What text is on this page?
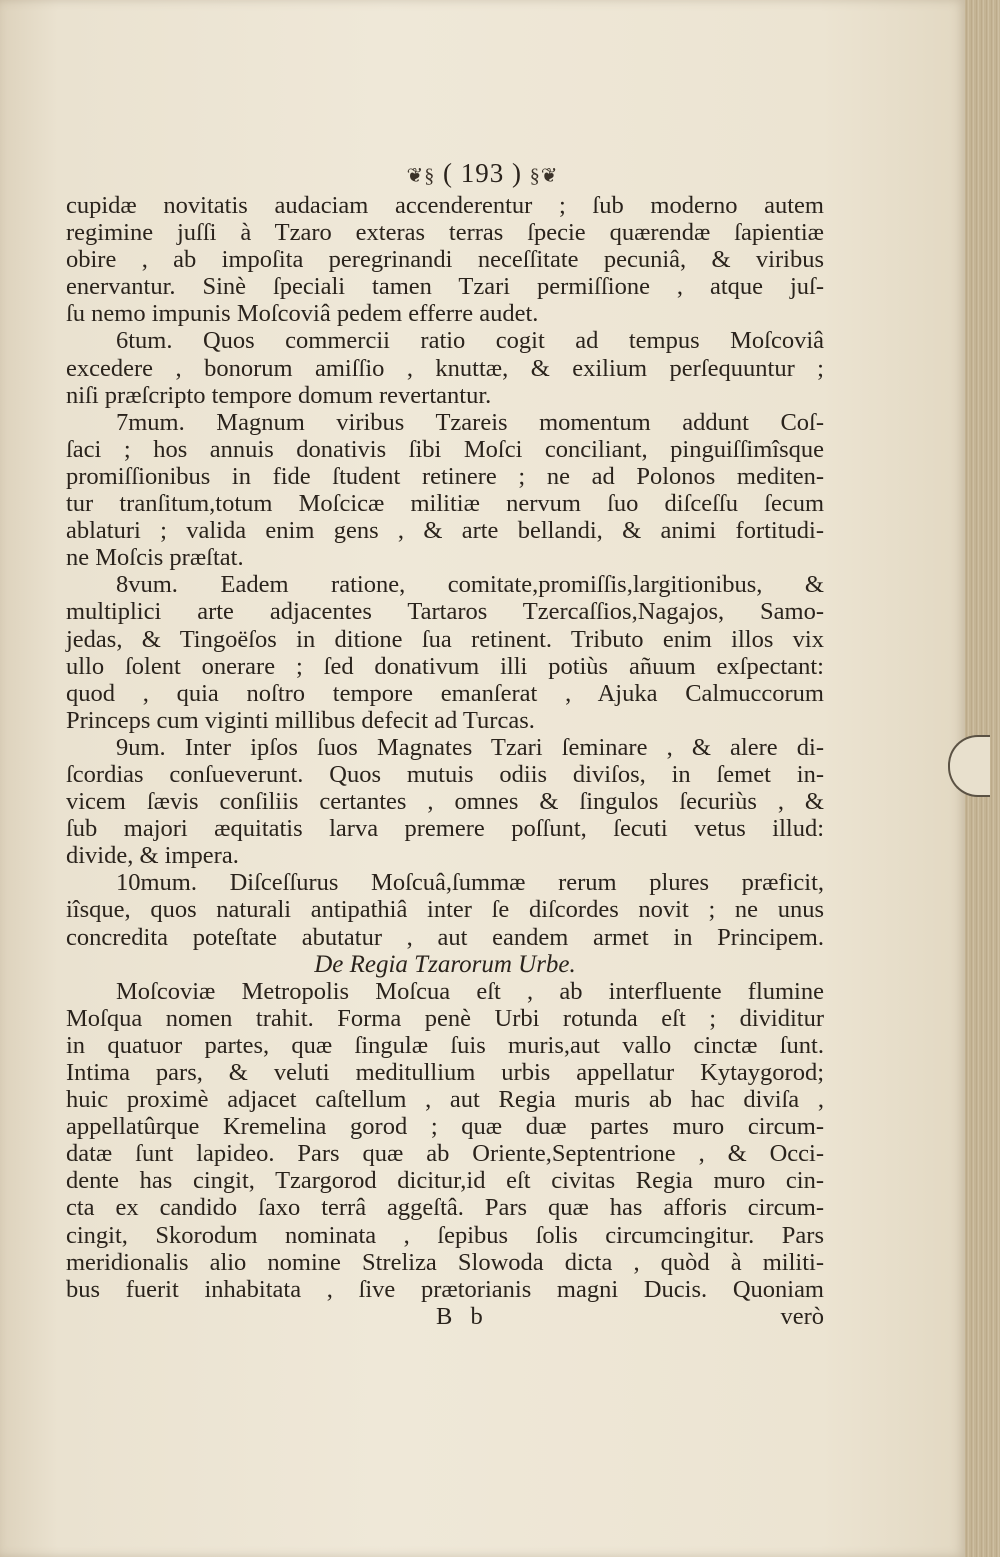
❦§ ( 193 ) §❦
cupidæ novitatis audaciam accenderentur ; ſub moderno autem
regimine juſſi à Tzaro exteras terras ſpecie quærendæ ſapientiæ
obire , ab impoſita peregrinandi neceſſitate pecuniâ, & viribus
enervantur. Sinè ſpeciali tamen Tzari permiſſione , atque juſ-
ſu nemo impunis Moſcoviâ pedem efferre audet.
6tum. Quos commercii ratio cogit ad tempus Moſcoviâ
excedere , bonorum amiſſio , knuttæ, & exilium perſequuntur ;
niſi præſcripto tempore domum revertantur.
7mum. Magnum viribus Tzareis momentum addunt Coſ-
ſaci ; hos annuis donativis ſibi Moſci conciliant, pinguiſſimîsque
promiſſionibus in fide ſtudent retinere ; ne ad Polonos mediten-
tur tranſitum,totum Moſcicæ militiæ nervum ſuo diſceſſu ſecum
ablaturi ; valida enim gens , & arte bellandi, & animi fortitudi-
ne Moſcis præſtat.
8vum. Eadem ratione, comitate,promiſſis,largitionibus, &
multiplici arte adjacentes Tartaros Tzercaſſios,Nagajos, Samo-
jedas, & Tingoëſos in ditione ſua retinent. Tributo enim illos vix
ullo ſolent onerare ; ſed donativum illi potiùs añuum exſpectant:
quod , quia noſtro tempore emanſerat , Ajuka Calmuccorum
Princeps cum viginti millibus defecit ad Turcas.
9um. Inter ipſos ſuos Magnates Tzari ſeminare , & alere di-
ſcordias conſueverunt. Quos mutuis odiis diviſos, in ſemet in-
vicem ſævis conſiliis certantes , omnes & ſingulos ſecuriùs , &
ſub majori æquitatis larva premere poſſunt, ſecuti vetus illud:
divide, & impera.
10mum. Diſceſſurus Moſcuâ,ſummæ rerum plures præficit,
iîsque, quos naturali antipathiâ inter ſe diſcordes novit ; ne unus
concredita poteſtate abutatur , aut eandem armet in Principem.
De Regia Tzarorum Urbe.
Moſcoviæ Metropolis Moſcua eſt , ab interfluente flumine
Moſqua nomen trahit. Forma penè Urbi rotunda eſt ; dividitur
in quatuor partes, quæ ſingulæ ſuis muris,aut vallo cinctæ ſunt.
Intima pars, & veluti meditullium urbis appellatur Kytaygorod;
huic proximè adjacet caſtellum , aut Regia muris ab hac diviſa ,
appellatûrque Kremelina gorod ; quæ duæ partes muro circum-
datæ ſunt lapideo. Pars quæ ab Oriente,Septentrione , & Occi-
dente has cingit, Tzargorod dicitur,id eſt civitas Regia muro cin-
cta ex candido ſaxo terrâ aggeſtâ. Pars quæ has afforis circum-
cingit, Skorodum nominata , ſepibus ſolis circumcingitur. Pars
meridionalis alio nomine Streliza Slowoda dicta , quòd à militi-
bus fuerit inhabitata , ſive prætorianis magni Ducis. Quoniam
B b	verò
